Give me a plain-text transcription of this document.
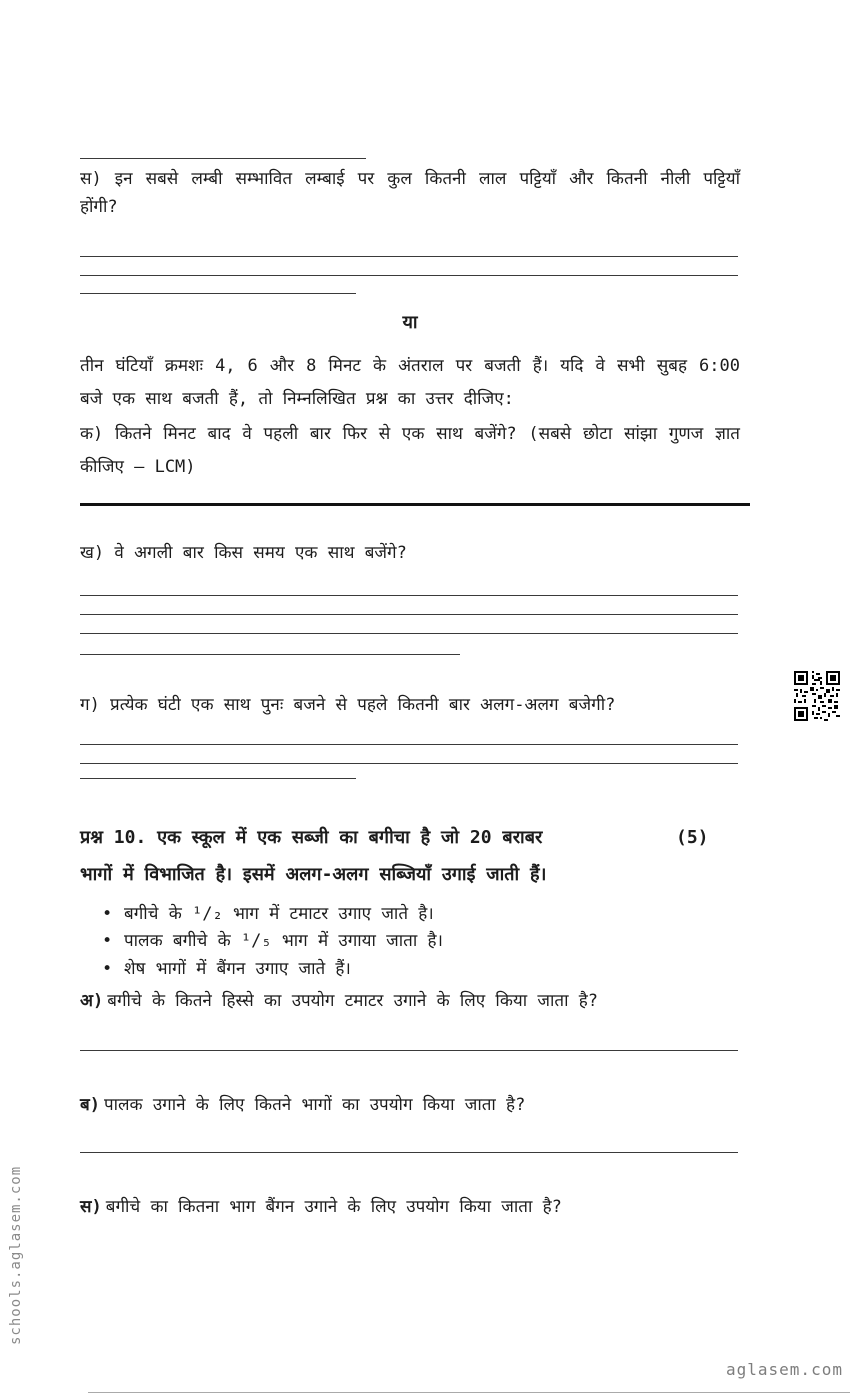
स) इन सबसे लम्बी सम्भावित लम्बाई पर कुल कितनी लाल पट्टियाँ और कितनी नीली पट्टियाँ होंगी?
या
तीन घंटियाँ क्रमशः 4, 6 और 8 मिनट के अंतराल पर बजती हैं। यदि वे सभी सुबह 6:00 बजे एक साथ बजती हैं, तो निम्नलिखित प्रश्न का उत्तर दीजिए:
क) कितने मिनट बाद वे पहली बार फिर से एक साथ बजेंगे? (सबसे छोटा सांझा गुणज ज्ञात कीजिए – LCM)
ख) वे अगली बार किस समय एक साथ बजेंगे?
ग) प्रत्येक घंटी एक साथ पुनः बजने से पहले कितनी बार अलग-अलग बजेगी?
प्रश्न 10. एक स्कूल में एक सब्जी का बगीचा है जो 20 बराबर	(5)
भागों में विभाजित है। इसमें अलग-अलग सब्जियाँ उगाई जाती हैं।
• बगीचे के ¹/₂ भाग में टमाटर उगाए जाते है।
• पालक बगीचे के ¹/₅ भाग में उगाया जाता है।
• शेष भागों में बैंगन उगाए जाते हैं।
अ) बगीचे के कितने हिस्से का उपयोग टमाटर उगाने के लिए किया जाता है?
ब) पालक उगाने के लिए कितने भागों का उपयोग किया जाता है?
स) बगीचे का कितना भाग बैंगन उगाने के लिए उपयोग किया जाता है?
schools.aglasem.com
aglasem.com
